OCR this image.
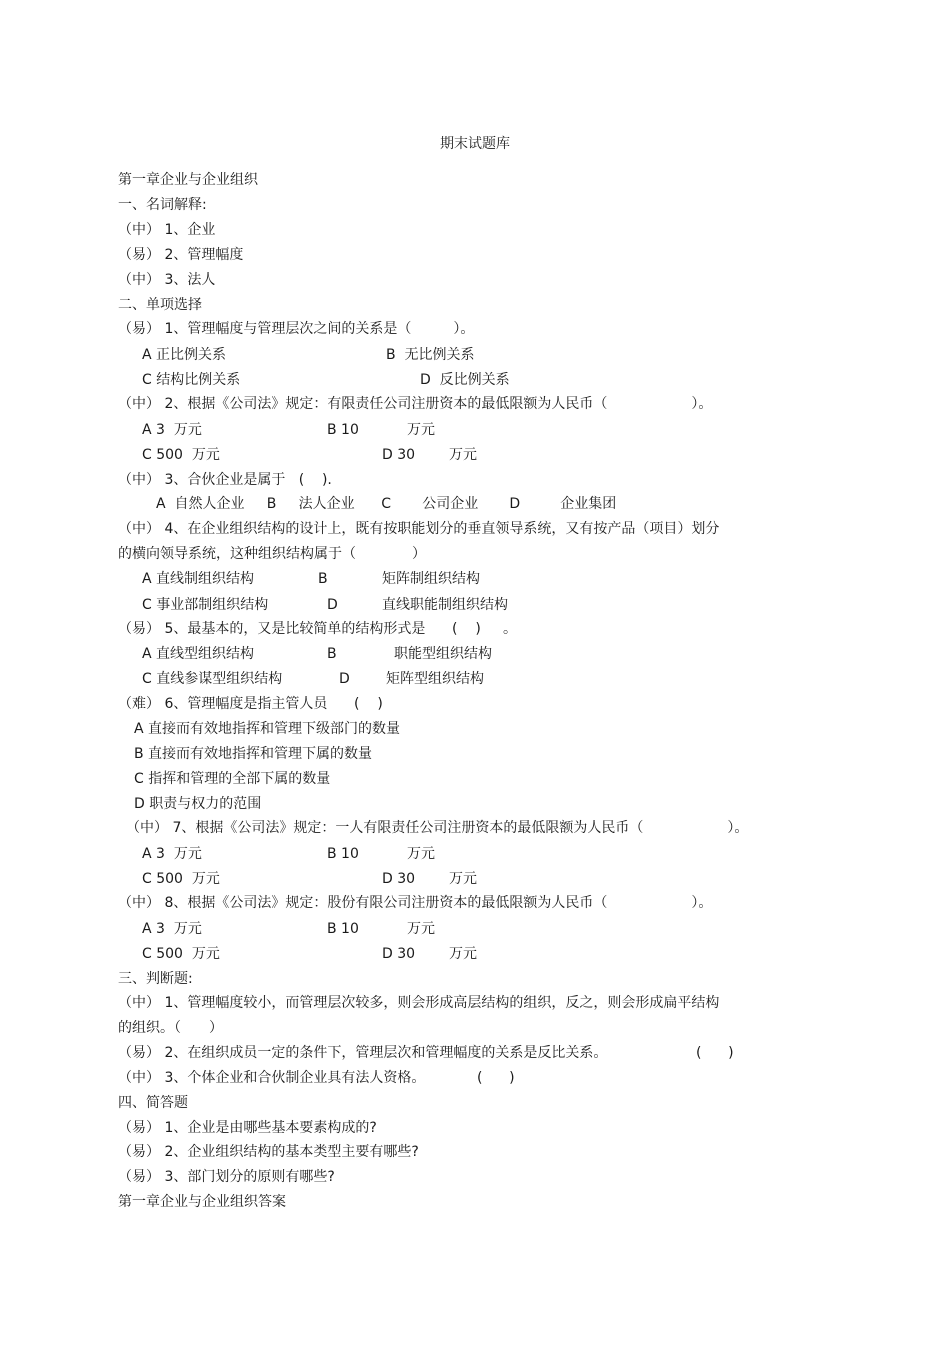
期末试题库
第一章企业与企业组织
一、名词解释:
（中） 1、企业
（易） 2、管理幅度
（中） 3、法人
二、单项选择
（易） 1、管理幅度与管理层次之间的关系是（　　　）。
A 正比例关系	B  无比例关系
C 结构比例关系	D  反比例关系
（中） 2、根据《公司法》规定：有限责任公司注册资本的最低限额为人民币（　　　　　　）。
A 3  万元	B 10	万元
C 500  万元	D 30 万元
（中） 3、合伙企业是属于   (    ).
A  自然人企业     B     法人企业      C       公司企业       D         企业集团
（中） 4、在企业组织结构的设计上，既有按职能划分的垂直领导系统，又有按产品（项目）划分
的横向领导系统，这种组织结构属于（　　　　）
A 直线制组织结构	B	矩阵制组织结构
C 事业部制组织结构	D	直线职能制组织结构
（易） 5、最基本的，又是比较简单的结构形式是      (    )     。
A 直线型组织结构	B	职能型组织结构
C 直线参谋型组织结构	D	矩阵型组织结构
（难） 6、管理幅度是指主管人员      (    )
A 直接而有效地指挥和管理下级部门的数量
B 直接而有效地指挥和管理下属的数量
C 指挥和管理的全部下属的数量
D 职责与权力的范围
（中） 7、根据《公司法》规定：一人有限责任公司注册资本的最低限额为人民币（　　　　　　）。
A 3  万元	B 10	万元
C 500  万元	D 30 万元
（中） 8、根据《公司法》规定：股份有限公司注册资本的最低限额为人民币（　　　　　　）。
A 3  万元	B 10	万元
C 500  万元	D 30 万元
三、判断题:
（中） 1、管理幅度较小，而管理层次较多，则会形成高层结构的组织，反之，则会形成扁平结构
的组织。（　　）
（易） 2、在组织成员一定的条件下，管理层次和管理幅度的关系是反比关系。	(      )
（中） 3、个体企业和合伙制企业具有法人资格。	(      )
四、简答题
（易） 1、企业是由哪些基本要素构成的?
（易） 2、企业组织结构的基本类型主要有哪些?
（易） 3、部门划分的原则有哪些?
第一章企业与企业组织答案
